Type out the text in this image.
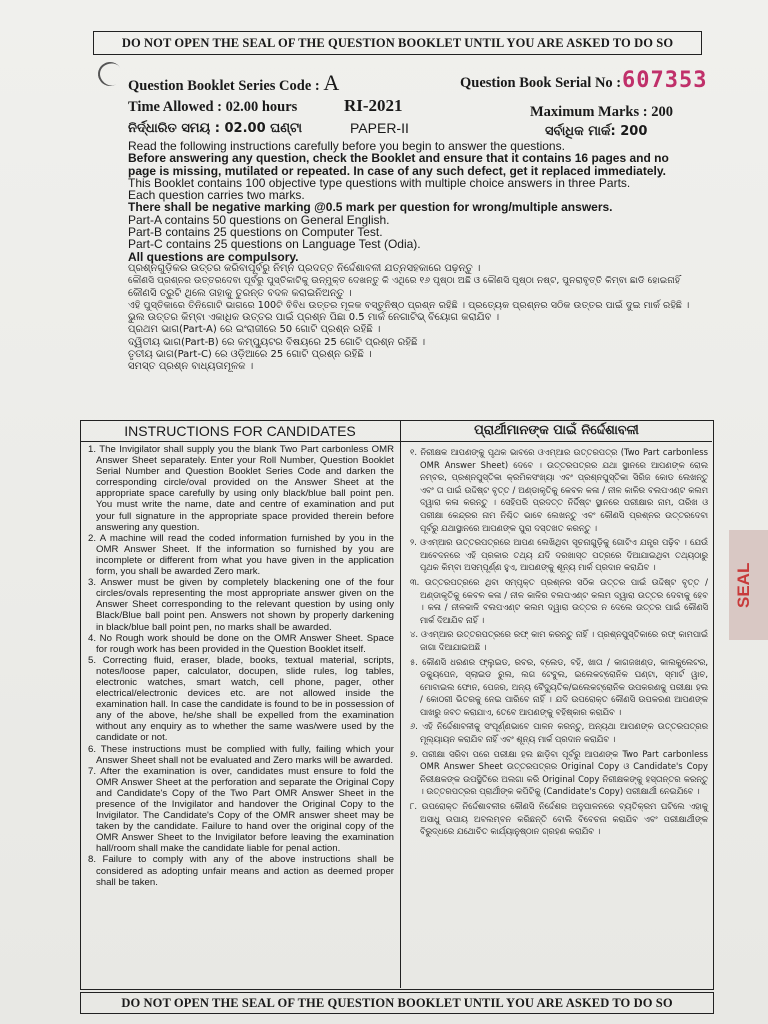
DO NOT OPEN THE SEAL OF THE QUESTION BOOKLET UNTIL YOU ARE ASKED TO DO SO
Question Booklet Series Code : A	Question Book Serial No : 607353
Time Allowed : 02.00 hours	RI-2021	Maximum Marks : 200
ନିର୍ଦ୍ଧାରିତ ସମୟ : 02.00 ଘଣ୍ଟା	PAPER-II	ସର୍ବାଧିକ ମାର୍କ: 200
Read the following instructions carefully before you begin to answer the questions.
Before answering any question, check the Booklet and ensure that it contains 16 pages and no
page is missing, mutilated or repeated. In case of any such defect, get it replaced immediately.
This Booklet contains 100 objective type questions with multiple choice answers in three Parts.
Each question carries two marks.
There shall be negative marking @0.5 mark per question for wrong/multiple answers.
Part-A contains 50 questions on General English.
Part-B contains 25 questions on Computer Test.
Part-C contains 25 questions on Language Test (Odia).
All questions are compulsory.
ପ୍ରଶ୍ନଗୁଡ଼ିକର ଉତ୍ତର କରିବାପୂର୍ବରୁ ନିମ୍ନ ପ୍ରଦତ୍ତ ନିର୍ଦ୍ଦେଶାବଳୀ ଯତ୍ନସହକାରେ ପଢ଼ନ୍ତୁ ।
କୌଣସି ପ୍ରଶ୍ନର ଉତ୍ତରଦେବା ପୂର୍ବରୁ ପୁସ୍ତିକାଟିକୁ ଉନ୍ମୁକ୍ତ ଦେଖନ୍ତୁ କି ଏଥିରେ ୧୬ ପୃଷ୍ଠା ଅଛି ଓ କୌଣସି ପୃଷ୍ଠା ନଷ୍ଟ, ପୁନରାବୃତ୍ତି କିମ୍ବା ଛାଡି ହୋଇନାହିଁ
କୌଣସି ତ୍ରୁଟି ଥିଲେ ତାହାକୁ ତୁରନ୍ତ ବଦଳ କରାଇନିଅନ୍ତୁ ।
ଏହି ପୁସ୍ତିକାରେ ତିନିଗୋଟି ଭାଗରେ 100ଟି ବିବିଧ ଉତ୍ତର ମୂଳକ ବସ୍ତୁନିଷ୍ଠ ପ୍ରଶ୍ନ ରହିଛି । ପ୍ରତ୍ୟେକ ପ୍ରଶ୍ନର ସଠିକ ଉତ୍ତର ପାଇଁ ଦୁଇ ମାର୍କ ରହିଛି ।
ଭୁଲ ଉତ୍ତର କିମ୍ବା ଏକାଧିକ ଉତ୍ତର ପାଇଁ ପ୍ରଶ୍ନ ପିଛା 0.5 ମାର୍କ ନେଗାଟିଭ୍ ବିୟୋଗ କରାଯିବ ।
ପ୍ରଥମ ଭାଗ(Part-A) ରେ ଇଂରାଜୀରେ 50 ଗୋଟି ପ୍ରଶ୍ନ ରହିଛି ।
ଦ୍ୱିତୀୟ ଭାଗ(Part-B) ରେ କମ୍ପ୍ୟୁଟର ବିଷୟରେ 25 ଗୋଟି ପ୍ରଶ୍ନ ରହିଛି ।
ତୃତୀୟ ଭାଗ(Part-C) ରେ ଓଡ଼ିଆରେ 25 ଗୋଟି ପ୍ରଶ୍ନ ରହିଛି ।
ସମସ୍ତ ପ୍ରଶ୍ନ ବାଧ୍ୟତାମୂଳକ ।
INSTRUCTIONS FOR CANDIDATES	ପ୍ରାର୍ଥୀମାନଙ୍କ ପାଇଁ ନିର୍ଦ୍ଦେଶାବଳୀ

1. The Invigilator shall supply you the blank Two Part carbonless OMR Answer Sheet separately. Enter your Roll Number, Question Booklet Serial Number and Question Booklet Series Code and darken the corresponding circle/oval provided on the Answer Sheet at the appropriate space carefully by using only black/blue ball point pen. You must write the name, date and centre of examination and put your full signature in the appropriate space provided therein before answering any question.

2. A machine will read the coded information furnished by you in the OMR Answer Sheet. If the information so furnished by you are incomplete or different from what you have given in the application form, you shall be awarded Zero mark.

3. Answer must be given by completely blackening one of the four circles/ovals representing the most appropriate answer given on the Answer Sheet corresponding to the relevant question by using only Black/Blue ball point pen. Answers not shown by properly darkening in black/blue ball point pen, no marks shall be awarded.

4. No Rough work should be done on the OMR Answer Sheet. Space for rough work has been provided in the Question Booklet itself.

5. Correcting fluid, eraser, blade, books, textual material, scripts, notes/loose paper, calculator, docupen, slide rules, log tables, electronic watches, smart watch, cell phone, pager, other electrical/electronic devices etc. are not allowed inside the examination hall. In case the candidate is found to be in possession of any of the above, he/she shall be expelled from the examination without any enquiry as to whether the same was/were used by the candidate or not.

6. These instructions must be complied with fully, failing which your Answer Sheet shall not be evaluated and Zero marks will be awarded.

7. After the examination is over, candidates must ensure to fold the OMR Answer Sheet at the perforation and separate the Original Copy and Candidate's Copy of the Two Part OMR Answer Sheet in the presence of the Invigilator and handover the Original Copy to the Invigilator. The Candidate's Copy of the OMR answer sheet may be taken by the candidate. Failure to hand over the original copy of the OMR Answer Sheet to the Invigilator before leaving the examination hall/room shall make the candidate liable for penal action.

8. Failure to comply with any of the above instructions shall be considered as adopting unfair means and action as deemed proper shall be taken.

୧. ନିରୀକ୍ଷକ ଆପଣଙ୍କୁ ପୃଥକ ଭାବରେ ଓଏମ୍ଆର ଉତ୍ତରପତ୍ର (Two Part carbonless OMR Answer Sheet) ଦେବେ । ଉତ୍ତରପତ୍ରର ଯଥା ସ୍ଥାନରେ ଆପଣଙ୍କ ରୋଲ ନମ୍ବର, ପ୍ରଶ୍ନପୁସ୍ତିକା କ୍ରମିକସଂଖ୍ୟା ଏବଂ ପ୍ରଶ୍ନପୁସ୍ତିକା ସିରିଜ କୋଡ ଲେଖନ୍ତୁ ଏବଂ ତା ପାଇଁ ଉଦ୍ଦିଷ୍ଟ ବୃତ୍ତ / ଅଣ୍ଡାକୃତିକୁ କେବଳ କଳା / ନୀଳ କାଳିର ବଲପଏଣ୍ଟ କଲମ ଦ୍ୱାରା କଳା କରନ୍ତୁ । ସେହିପରି ପ୍ରଦତ୍ତ ନିର୍ଦ୍ଦିଷ୍ଟ ସ୍ଥାନରେ ପରୀକ୍ଷାର ନାମ, ତାରିଖ ଓ ପରୀକ୍ଷା କେନ୍ଦ୍ରର ନାମ ନିଶ୍ଚିତ ଭାବେ ଲେଖନ୍ତୁ ଏବଂ କୌଣସି ପ୍ରଶ୍ନର ଉତ୍ତରଦେବା ପୂର୍ବରୁ ଯଥାସ୍ଥାନରେ ଆପଣଙ୍କ ପୁରା ଦସ୍ତଖତ କରନ୍ତୁ ।

୨. ଓଏମ୍ଆର ଉତ୍ତରପତ୍ରରେ ଆପଣ ଲେଖିଥିବା ସୂଚନାଗୁଡ଼ିକୁ ଗୋଟିଏ ଯନ୍ତ୍ର ପଢ଼ିବ । ଯେଉଁ ଆବେଦନରେ ଏହି ପ୍ରକାର ତଥ୍ୟ ଯଦି ଦରଖାସ୍ତ ପତ୍ରରେ ଦିଆଯାଇଥିବା ତଥ୍ୟଠାରୁ ପୃଥକ କିମ୍ବା ଅସମ୍ପୂର୍ଣ୍ଣ ହୁଏ, ଆପଣଙ୍କୁ ଶୂନ୍ୟ ମାର୍କ ପ୍ରଦାନ କରାଯିବ ।

୩. ଉତ୍ତରପତ୍ରରେ ଥିବା ସମ୍ପୃକ୍ତ ପ୍ରଶ୍ନର ସଠିକ ଉତ୍ତର ପାଇଁ ଉଦ୍ଦିଷ୍ଟ ବୃତ୍ତ / ଅଣ୍ଡାକୃତିକୁ କେବଳ କଳା / ନୀଳ କାଳିର ବଲପଏଣ୍ଟ କଲମ ଦ୍ୱାରା ଉତ୍ତର ଦେବାକୁ ହେବ । କଳା / ନୀଳକାଳି ବଲପଏଣ୍ଟ କଲମ ଦ୍ୱାରା ଉତ୍ତର ନ ଦେଲେ ଉତ୍ତର ପାଇଁ କୌଣସି ମାର୍କ ଦିଆଯିବ ନାହିଁ ।

୪. ଓଏମ୍ଆର ଉତ୍ତରପତ୍ରରେ ରଫ୍ କାମ କରନ୍ତୁ ନାହିଁ । ପ୍ରଶ୍ନପୁସ୍ତିକାରେ ରଫ୍ କାମପାଇଁ ଜାଗା ଦିଆଯାଇଅଛି ।

୫. କୌଣସି ଧରଣର ଫ୍ଲୁଇଡ, ରବର, ବ୍ଲେଡ, ବହି, ଖାତା / କାଗଜଖଣ୍ଡ, କାଲକୁଲେଟର, ଡକ୍ୟୁପେନ, ସ୍ଲାଇଡ ରୁଲ, ଲଗ ଟେବୁଲ, ଇଲେକଟ୍ରୋନିକ ଘଣ୍ଟା, ସ୍ମାର୍ଟ ୱାଚ, ମୋବାଇଲ ଫୋନ, ପେଜର, ଅନ୍ୟ ବୈଦ୍ୟୁତିକ/ଇଲେକଟ୍ରୋନିକ ଉପକରଣକୁ ପରୀକ୍ଷା ହଲ / କୋଠରୀ ଭିତରକୁ ନେଇ ପାରିବେ ନାହିଁ । ଯଦି ଉପରୋକ୍ତ କୌଣସି ଉପକରଣ ଆପଣଙ୍କ ପାଖରୁ ଜବତ କରାଯାଏ, ତେବେ ଆପଣଙ୍କୁ ବହିଷ୍କାର କରାଯିବ ।

୬. ଏହି ନିର୍ଦ୍ଦେଶାବଳୀକୁ ସଂପୂର୍ଣ୍ଣଭାବେ ପାଳନ କରନ୍ତୁ, ଅନ୍ୟଥା ଆପଣଙ୍କ ଉତ୍ତରପତ୍ରର ମୂଲ୍ୟାୟନ କରାଯିବ ନାହିଁ ଏବଂ ଶୂନ୍ୟ ମାର୍କ ପ୍ରଦାନ କରାଯିବ ।

୭. ପରୀକ୍ଷା ସରିବା ପରେ ପରୀକ୍ଷା ହଲ ଛାଡ଼ିବା ପୂର୍ବରୁ ଆପଣଙ୍କ Two Part carbonless OMR Answer Sheet ଉତ୍ତରପତ୍ରର Original Copy ଓ Candidate's Copy ନିରୀକ୍ଷକଙ୍କ ଉପସ୍ଥିତିରେ ଅଲଗା କରି Original Copy ନିରୀକ୍ଷକଙ୍କୁ ହସ୍ତାନ୍ତର କରନ୍ତୁ । ଉତ୍ତରପତ୍ରର ପ୍ରାର୍ଥୀଙ୍କ କପିଟିକୁ (Candidate's Copy) ପରୀକ୍ଷାର୍ଥୀ ନେଇଯିବେ ।

୮. ଉପରୋକ୍ତ ନିର୍ଦ୍ଦେଶାବଳୀର କୌଣସି ନିର୍ଦ୍ଦେଶର ଅନୁପାଳନରେ ବ୍ୟତିକ୍ରମ ଘଟିଲେ ଏହାକୁ ଅସାଧୁ ଉପାୟ ଅବଲମ୍ବନ କରିଛନ୍ତି ବୋଲି ବିବେଚନା କରାଯିବ ଏବଂ ପରୀକ୍ଷାର୍ଥୀଙ୍କ ବିରୁଦ୍ଧରେ ଯଥୋଚିତ କାର୍ଯ୍ୟାନୁଷ୍ଠାନ ଗ୍ରହଣ କରାଯିବ ।

DO NOT OPEN THE SEAL OF THE QUESTION BOOKLET UNTIL YOU ARE ASKED TO DO SO
SEAL
